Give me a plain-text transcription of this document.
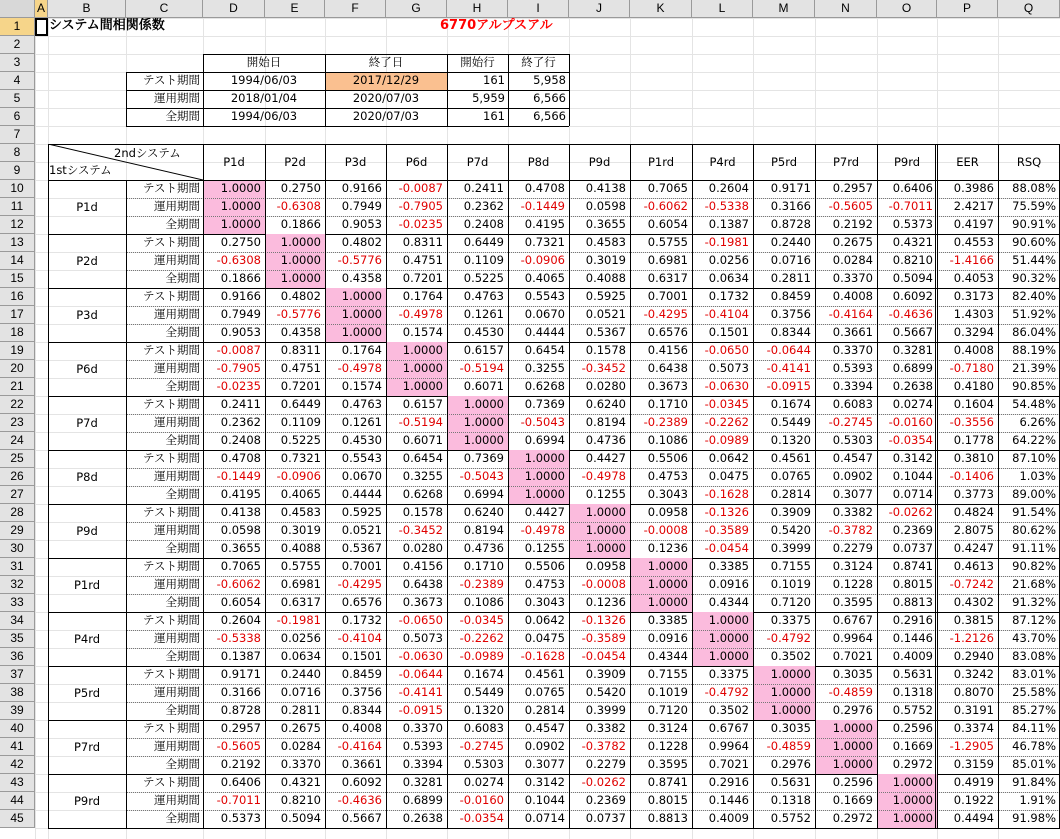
A	B	C	D	E	F	G	H	I	J	K	L	M	N	O	P	Q
1
2
3
4
5
6
7
8
9
10
11
12
13
14
15
16
17
18
19
20
21
22
23
24
25
26
27
28
29
30
31
32
33
34
35
36
37
38
39
40
41
42
43
44
45
システム間相関係数	6770アルプスアル
開始日	終了日	開始行	終了行
テスト期間	1994/06/03	2017/12/29	161	5,958
運用期間	2018/01/04	2020/07/03	5,959	6,566
全期間	1994/06/03	2020/07/03	161	6,566
2ndシステム
1stシステム
P1d	P2d	P3d	P6d	P7d	P8d	P9d	P1rd	P4rd	P5rd	P7rd	P9rd	EER	RSQ
P1d
テスト期間	1.0000	0.2750	0.9166	-0.0087	0.2411	0.4708	0.4138	0.7065	0.2604	0.9171	0.2957	0.6406	0.3986	88.08%
運用期間	1.0000	-0.6308	0.7949	-0.7905	0.2362	-0.1449	0.0598	-0.6062	-0.5338	0.3166	-0.5605	-0.7011	2.4217	75.59%
全期間	1.0000	0.1866	0.9053	-0.0235	0.2408	0.4195	0.3655	0.6054	0.1387	0.8728	0.2192	0.5373	0.4197	90.91%
P2d
テスト期間	0.2750	1.0000	0.4802	0.8311	0.6449	0.7321	0.4583	0.5755	-0.1981	0.2440	0.2675	0.4321	0.4553	90.60%
運用期間	-0.6308	1.0000	-0.5776	0.4751	0.1109	-0.0906	0.3019	0.6981	0.0256	0.0716	0.0284	0.8210	-1.4166	51.44%
全期間	0.1866	1.0000	0.4358	0.7201	0.5225	0.4065	0.4088	0.6317	0.0634	0.2811	0.3370	0.5094	0.4053	90.32%
P3d
テスト期間	0.9166	0.4802	1.0000	0.1764	0.4763	0.5543	0.5925	0.7001	0.1732	0.8459	0.4008	0.6092	0.3173	82.40%
運用期間	0.7949	-0.5776	1.0000	-0.4978	0.1261	0.0670	0.0521	-0.4295	-0.4104	0.3756	-0.4164	-0.4636	1.4303	51.92%
全期間	0.9053	0.4358	1.0000	0.1574	0.4530	0.4444	0.5367	0.6576	0.1501	0.8344	0.3661	0.5667	0.3294	86.04%
P6d
テスト期間	-0.0087	0.8311	0.1764	1.0000	0.6157	0.6454	0.1578	0.4156	-0.0650	-0.0644	0.3370	0.3281	0.4008	88.19%
運用期間	-0.7905	0.4751	-0.4978	1.0000	-0.5194	0.3255	-0.3452	0.6438	0.5073	-0.4141	0.5393	0.6899	-0.7180	21.39%
全期間	-0.0235	0.7201	0.1574	1.0000	0.6071	0.6268	0.0280	0.3673	-0.0630	-0.0915	0.3394	0.2638	0.4180	90.85%
P7d
テスト期間	0.2411	0.6449	0.4763	0.6157	1.0000	0.7369	0.6240	0.1710	-0.0345	0.1674	0.6083	0.0274	0.1604	54.48%
運用期間	0.2362	0.1109	0.1261	-0.5194	1.0000	-0.5043	0.8194	-0.2389	-0.2262	0.5449	-0.2745	-0.0160	-0.3556	6.26%
全期間	0.2408	0.5225	0.4530	0.6071	1.0000	0.6994	0.4736	0.1086	-0.0989	0.1320	0.5303	-0.0354	0.1778	64.22%
P8d
テスト期間	0.4708	0.7321	0.5543	0.6454	0.7369	1.0000	0.4427	0.5506	0.0642	0.4561	0.4547	0.3142	0.3810	87.10%
運用期間	-0.1449	-0.0906	0.0670	0.3255	-0.5043	1.0000	-0.4978	0.4753	0.0475	0.0765	0.0902	0.1044	-0.1406	1.03%
全期間	0.4195	0.4065	0.4444	0.6268	0.6994	1.0000	0.1255	0.3043	-0.1628	0.2814	0.3077	0.0714	0.3773	89.00%
P9d
テスト期間	0.4138	0.4583	0.5925	0.1578	0.6240	0.4427	1.0000	0.0958	-0.1326	0.3909	0.3382	-0.0262	0.4824	91.54%
運用期間	0.0598	0.3019	0.0521	-0.3452	0.8194	-0.4978	1.0000	-0.0008	-0.3589	0.5420	-0.3782	0.2369	2.8075	80.62%
全期間	0.3655	0.4088	0.5367	0.0280	0.4736	0.1255	1.0000	0.1236	-0.0454	0.3999	0.2279	0.0737	0.4247	91.11%
P1rd
テスト期間	0.7065	0.5755	0.7001	0.4156	0.1710	0.5506	0.0958	1.0000	0.3385	0.7155	0.3124	0.8741	0.4613	90.82%
運用期間	-0.6062	0.6981	-0.4295	0.6438	-0.2389	0.4753	-0.0008	1.0000	0.0916	0.1019	0.1228	0.8015	-0.7242	21.68%
全期間	0.6054	0.6317	0.6576	0.3673	0.1086	0.3043	0.1236	1.0000	0.4344	0.7120	0.3595	0.8813	0.4302	91.32%
P4rd
テスト期間	0.2604	-0.1981	0.1732	-0.0650	-0.0345	0.0642	-0.1326	0.3385	1.0000	0.3375	0.6767	0.2916	0.3815	87.12%
運用期間	-0.5338	0.0256	-0.4104	0.5073	-0.2262	0.0475	-0.3589	0.0916	1.0000	-0.4792	0.9964	0.1446	-1.2126	43.70%
全期間	0.1387	0.0634	0.1501	-0.0630	-0.0989	-0.1628	-0.0454	0.4344	1.0000	0.3502	0.7021	0.4009	0.2940	83.08%
P5rd
テスト期間	0.9171	0.2440	0.8459	-0.0644	0.1674	0.4561	0.3909	0.7155	0.3375	1.0000	0.3035	0.5631	0.3242	83.01%
運用期間	0.3166	0.0716	0.3756	-0.4141	0.5449	0.0765	0.5420	0.1019	-0.4792	1.0000	-0.4859	0.1318	0.8070	25.58%
全期間	0.8728	0.2811	0.8344	-0.0915	0.1320	0.2814	0.3999	0.7120	0.3502	1.0000	0.2976	0.5752	0.3191	85.27%
P7rd
テスト期間	0.2957	0.2675	0.4008	0.3370	0.6083	0.4547	0.3382	0.3124	0.6767	0.3035	1.0000	0.2596	0.3374	84.11%
運用期間	-0.5605	0.0284	-0.4164	0.5393	-0.2745	0.0902	-0.3782	0.1228	0.9964	-0.4859	1.0000	0.1669	-1.2905	46.78%
全期間	0.2192	0.3370	0.3661	0.3394	0.5303	0.3077	0.2279	0.3595	0.7021	0.2976	1.0000	0.2972	0.3159	85.01%
P9rd
テスト期間	0.6406	0.4321	0.6092	0.3281	0.0274	0.3142	-0.0262	0.8741	0.2916	0.5631	0.2596	1.0000	0.4919	91.84%
運用期間	-0.7011	0.8210	-0.4636	0.6899	-0.0160	0.1044	0.2369	0.8015	0.1446	0.1318	0.1669	1.0000	0.1922	1.91%
全期間	0.5373	0.5094	0.5667	0.2638	-0.0354	0.0714	0.0737	0.8813	0.4009	0.5752	0.2972	1.0000	0.4494	91.98%
